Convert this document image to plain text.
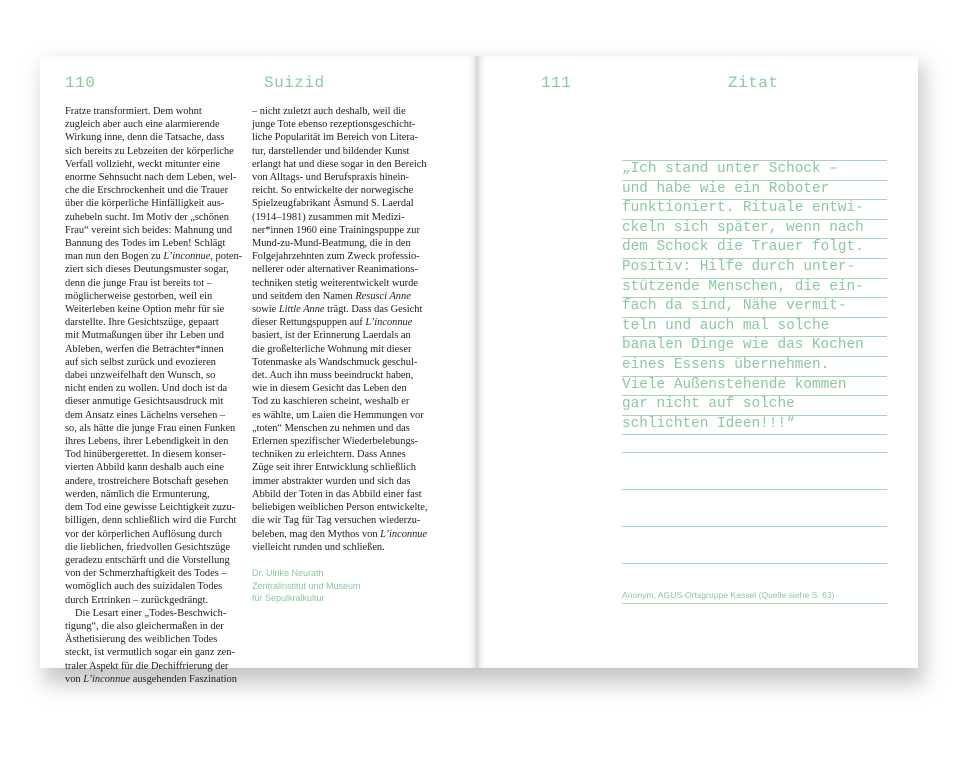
110	Suizid

Fratze transformiert. Dem wohnt
zugleich aber auch eine alarmierende
Wirkung inne, denn die Tatsache, dass
sich bereits zu Lebzeiten der körperliche
Verfall vollzieht, weckt mitunter eine
enorme Sehnsucht nach dem Leben, wel-
che die Erschrockenheit und die Trauer
über die körperliche Hinfälligkeit aus-
zuhebeln sucht. Im Motiv der „schönen
Frau“ vereint sich beides: Mahnung und
Bannung des Todes im Leben! Schlägt
man nun den Bogen zu L’inconnue, poten-
ziert sich dieses Deutungsmuster sogar,
denn die junge Frau ist bereits tot –
möglicherweise gestorben, weil ein
Weiterleben keine Option mehr für sie
darstellte. Ihre Gesichtszüge, gepaart
mit Mutmaßungen über ihr Leben und
Ableben, werfen die Betrachter*innen
auf sich selbst zurück und evozieren
dabei unzweifelhaft den Wunsch, so
nicht enden zu wollen. Und doch ist da
dieser anmutige Gesichtsausdruck mit
dem Ansatz eines Lächelns versehen –
so, als hätte die junge Frau einen Funken
ihres Lebens, ihrer Lebendigkeit in den
Tod hinübergerettet. In diesem konser-
vierten Abbild kann deshalb auch eine
andere, trostreichere Botschaft gesehen
werden, nämlich die Ermunterung,
dem Tod eine gewisse Leichtigkeit zuzu-
billigen, denn schließlich wird die Furcht
vor der körperlichen Auflösung durch
die lieblichen, friedvollen Gesichtszüge
geradezu entschärft und die Vorstellung
von der Schmerzhaftigkeit des Todes –
womöglich auch des suizidalen Todes
durch Ertrinken – zurückgedrängt.

Die Lesart einer „Todes-Beschwich-
tigung“, die also gleichermaßen in der
Ästhetisierung des weiblichen Todes
steckt, ist vermutlich sogar ein ganz zen-
traler Aspekt für die Dechiffrierung der
von L’inconnue ausgehenden Faszination

– nicht zuletzt auch deshalb, weil die
junge Tote ebenso rezeptionsgeschicht-
liche Popularität im Bereich von Litera-
tur, darstellender und bildender Kunst
erlangt hat und diese sogar in den Bereich
von Alltags- und Berufspraxis hinein-
reicht. So entwickelte der norwegische
Spielzeugfabrikant Åsmund S. Laerdal
(1914–1981) zusammen mit Medizi-
ner*innen 1960 eine Trainingspuppe zur
Mund-zu-Mund-Beatmung, die in den
Folgejahrzehnten zum Zweck professio-
nellerer oder alternativer Reanimations-
techniken stetig weiterentwickelt wurde
und seitdem den Namen Resusci Anne
sowie Little Anne trägt. Dass das Gesicht
dieser Rettungspuppen auf L’inconnue
basiert, ist der Erinnerung Laerdals an
die großelterliche Wohnung mit dieser
Totenmaske als Wandschmuck geschul-
det. Auch ihn muss beeindruckt haben,
wie in diesem Gesicht das Leben den
Tod zu kaschieren scheint, weshalb er
es wählte, um Laien die Hemmungen vor
„toten“ Menschen zu nehmen und das
Erlernen spezifischer Wiederbelebungs-
techniken zu erleichtern. Dass Annes
Züge seit ihrer Entwicklung schließlich
immer abstrakter wurden und sich das
Abbild der Toten in das Abbild einer fast
beliebigen weiblichen Person entwickelte,
die wir Tag für Tag versuchen wiederzu-
beleben, mag den Mythos von L’inconnue
vielleicht runden und schließen.

Dr. Ulrike Neurath
Zentralinstitut und Museum
für Sepulkralkultur
111	Zitat
„Ich stand unter Schock –
und habe wie ein Roboter
funktioniert. Rituale entwi-
ckeln sich später, wenn nach
dem Schock die Trauer folgt.
Positiv: Hilfe durch unter-
stützende Menschen, die ein-
fach da sind, Nähe vermit-
teln und auch mal solche
banalen Dinge wie das Kochen
eines Essens übernehmen.
Viele Außenstehende kommen
gar nicht auf solche
schlichten Ideen!!!“
Anonym, AGUS-Ortsgruppe Kassel (Quelle siehe S. 63)
